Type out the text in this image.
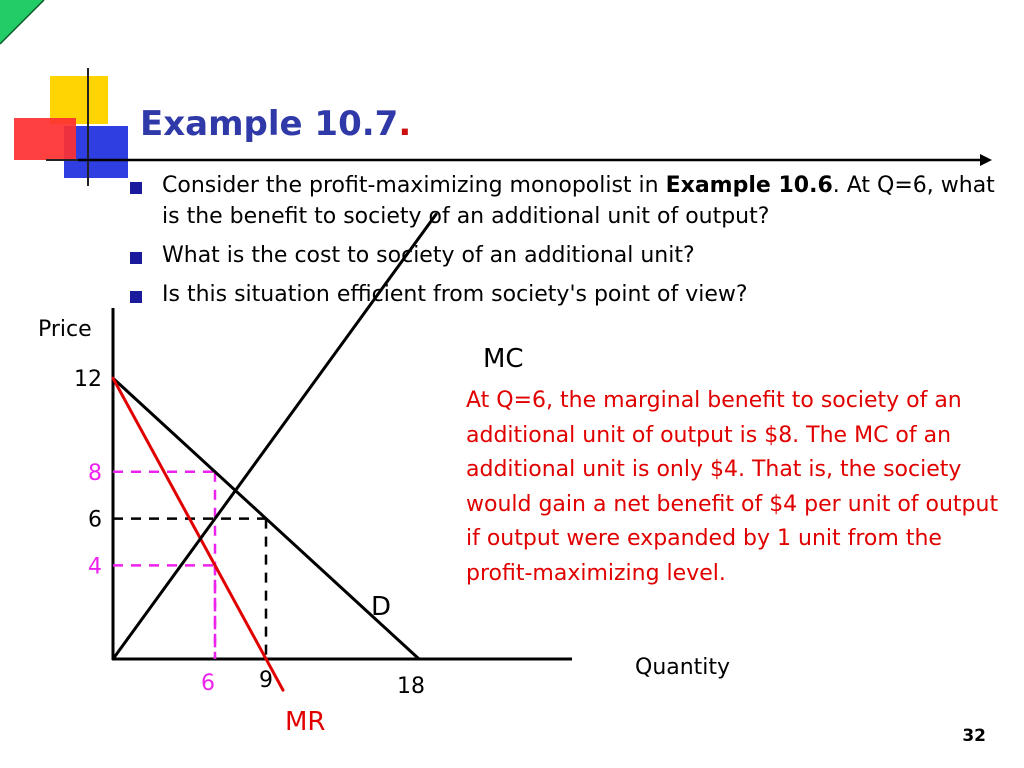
Example 10.7.
Consider the profit-maximizing monopolist in Example 10.6. At Q=6, what is the benefit to society of an additional unit of output?
What is the cost to society of an additional unit?
Is this situation efficient from society's point of view?
D
MR
MC
Price
Quantity
12
8
6
4
6 9	18
At Q=6, the marginal benefit to society of an additional unit of output is $8. The MC of an additional unit is only $4. That is, the society would gain a net benefit of $4 per unit of output if output were expanded by 1 unit from the profit-maximizing level.
32
